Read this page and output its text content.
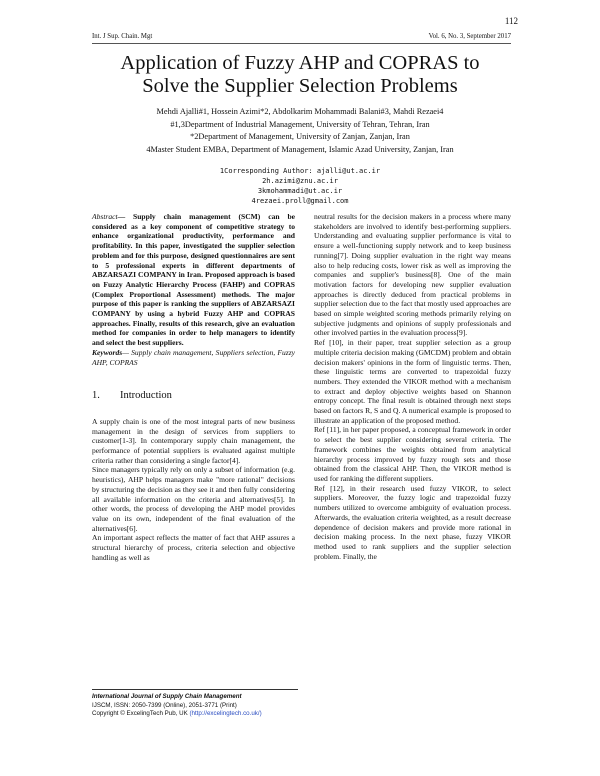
112
Int. J Sup. Chain. Mgt	Vol. 6, No. 3, September 2017
Application of Fuzzy AHP and COPRAS to
Solve the Supplier Selection Problems
Mehdi Ajalli#1, Hossein Azimi*2, Abdolkarim Mohammadi Balani#3, Mahdi Rezaei4
#1,3Department of Industrial Management, University of Tehran, Tehran, Iran
*2Department of Management, University of Zanjan, Zanjan, Iran
4Master Student EMBA, Department of Management, Islamic Azad University, Zanjan, Iran
1Corresponding Author: ajalli@ut.ac.ir
2h.azimi@znu.ac.ir
3kmohammadi@ut.ac.ir
4rezaei.proll@gmail.com

Abstract— Supply chain management (SCM) can be considered as a key component of competitive strategy to enhance organizational productivity, performance and profitability. In this paper, investigated the supplier selection problem and for this purpose, designed questionnaires are sent to 5 professional experts in different departments of ABZARSAZI COMPANY in Iran. Proposed approach is based on Fuzzy Analytic Hierarchy Process (FAHP) and COPRAS (Complex Proportional Assessment) methods. The major purpose of this paper is ranking the suppliers of ABZARSAZI COMPANY by using a hybrid Fuzzy AHP and COPRAS approaches. Finally, results of this research, give an evaluation method for companies in order to help managers to identify and select the best suppliers.

Keywords— Supply chain management, Suppliers selection, Fuzzy AHP, COPRAS

1. Introduction

A supply chain is one of the most integral parts of new business management in the design of services from suppliers to customer[1-3]. In contemporary supply chain management, the performance of potential suppliers is evaluated against multiple criteria rather than considering a single factor[4].

Since managers typically rely on only a subset of information (e.g. heuristics), AHP helps managers make "more rational" decisions by structuring the decision as they see it and then fully considering all available information on the criteria and alternatives[5]. In other words, the process of developing the AHP model provides value on its own, independent of the final evaluation of the alternatives[6].

An important aspect reflects the matter of fact that AHP assures a structural hierarchy of process, criteria selection and objective handling as well as

neutral results for the decision makers in a process where many stakeholders are involved to identify best-performing suppliers. Understanding and evaluating supplier performance is vital to ensure a well-functioning supply network and to keep business running[7]. Doing supplier evaluation in the right way means also to help reducing costs, lower risk as well as improving the companies and supplier's business[8]. One of the main motivation factors for developing new supplier evaluation approaches is directly deduced from practical problems in supplier selection due to the fact that mostly used approaches are based on simple weighted scoring methods primarily relying on subjective judgments and opinions of supply professionals and other involved parties in the evaluation process[9].

Ref [10], in their paper, treat supplier selection as a group multiple criteria decision making (GMCDM) problem and obtain decision makers' opinions in the form of linguistic terms. Then, these linguistic terms are converted to trapezoidal fuzzy numbers. They extended the VIKOR method with a mechanism to extract and deploy objective weights based on Shannon entropy concept. The final result is obtained through next steps based on factors R, S and Q. A numerical example is proposed to illustrate an application of the proposed method.

Ref [11], in her paper proposed, a conceptual framework in order to select the best supplier considering several criteria. The framework combines the weights obtained from analytical hierarchy process improved by fuzzy rough sets and those obtained from the classical AHP. Then, the VIKOR method is used for ranking the different suppliers.

Ref [12], in their research used fuzzy VIKOR, to select suppliers. Moreover, the fuzzy logic and trapezoidal fuzzy numbers utilized to overcome ambiguity of evaluation process. Afterwards, the evaluation criteria weighted, as a result decrease dependence of decision makers and provide more rational in decision making process. In the next phase, fuzzy VIKOR method used to rank suppliers and the supplier selection problem. Finally, the

International Journal of Supply Chain Management
IJSCM, ISSN: 2050-7399 (Online), 2051-3771 (Print)
Copyright © ExcelingTech Pub, UK (http://excelingtech.co.uk/)
